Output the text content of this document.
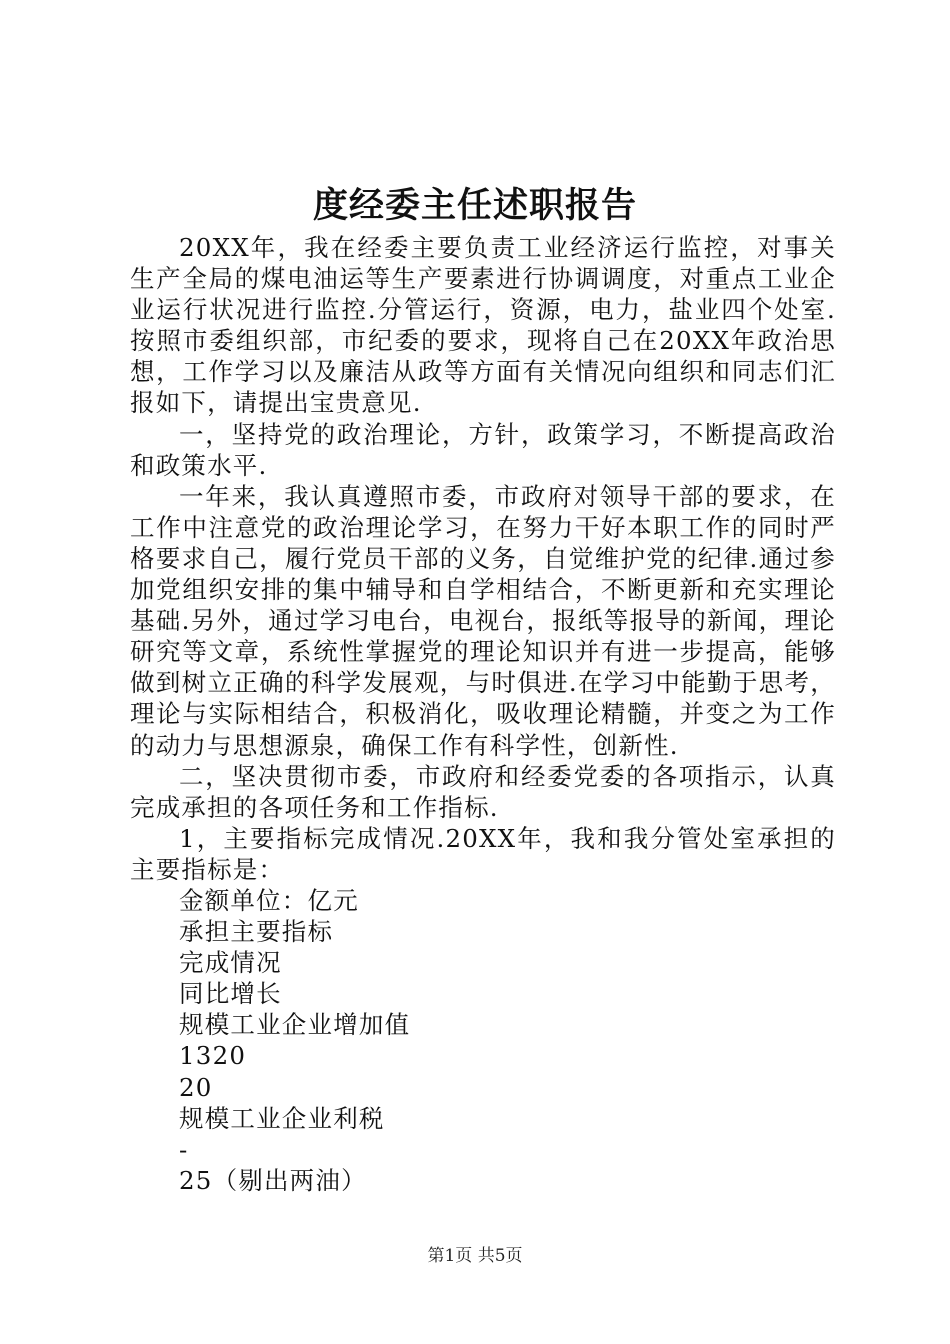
度经委主任述职报告

20XX年，我在经委主要负责工业经济运行监控，对事关生产全局的煤电油运等生产要素进行协调调度，对重点工业企业运行状况进行监控.分管运行，资源，电力，盐业四个处室.按照市委组织部，市纪委的要求，现将自己在20XX年政治思想，工作学习以及廉洁从政等方面有关情况向组织和同志们汇报如下，请提出宝贵意见.

一，坚持党的政治理论，方针，政策学习，不断提高政治和政策水平.

一年来，我认真遵照市委，市政府对领导干部的要求，在工作中注意党的政治理论学习，在努力干好本职工作的同时严格要求自己，履行党员干部的义务，自觉维护党的纪律.通过参加党组织安排的集中辅导和自学相结合，不断更新和充实理论基础.另外，通过学习电台，电视台，报纸等报导的新闻，理论研究等文章，系统性掌握党的理论知识并有进一步提高，能够做到树立正确的科学发展观，与时俱进.在学习中能勤于思考，理论与实际相结合，积极消化，吸收理论精髓，并变之为工作的动力与思想源泉，确保工作有科学性，创新性.

二，坚决贯彻市委，市政府和经委党委的各项指示，认真完成承担的各项任务和工作指标.

1，主要指标完成情况.20XX年，我和我分管处室承担的主要指标是：

金额单位：亿元

承担主要指标

完成情况

同比增长

规模工业企业增加值

1320

20

规模工业企业利税

-

25（剔出两油）

第1页 共5页
